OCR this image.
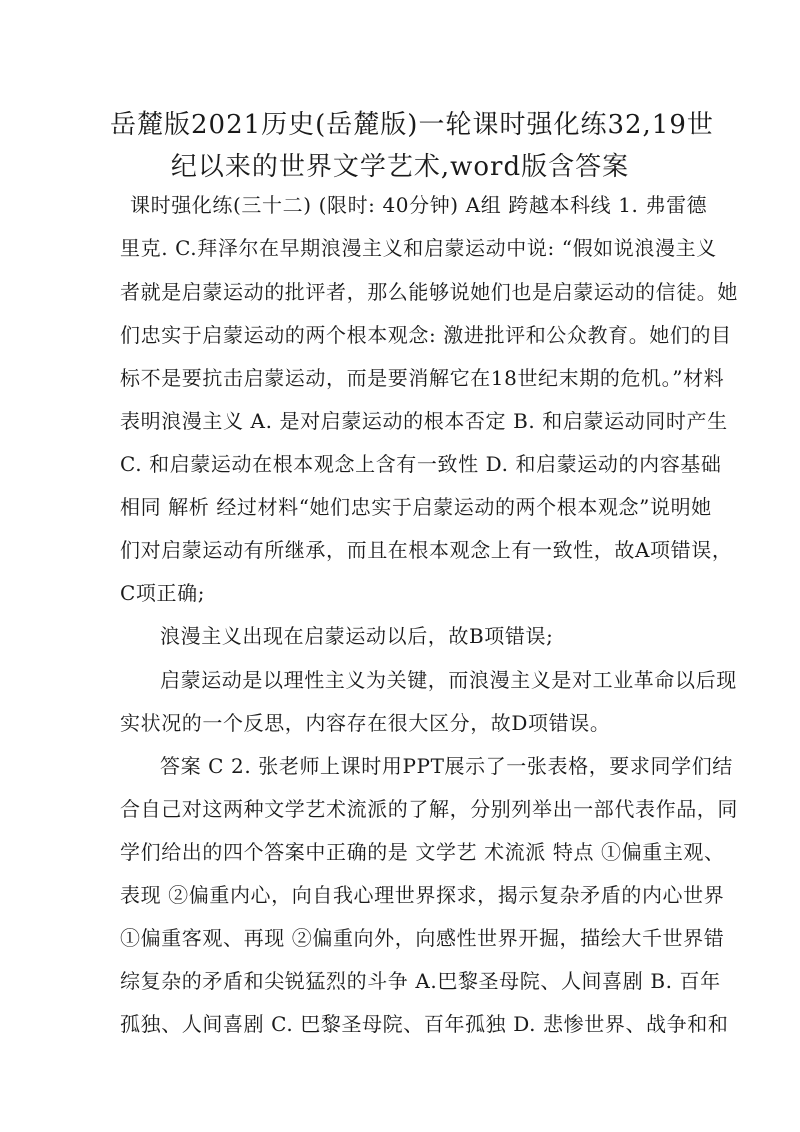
岳麓版2021历史(岳麓版)一轮课时强化练32,19世
纪以来的世界文学艺术,word版含答案
课时强化练(三十二) (限时: 40分钟) A组 跨越本科线 1. 弗雷德
里克. C.拜泽尔在早期浪漫主义和启蒙运动中说: “假如说浪漫主义
者就是启蒙运动的批评者，那么能够说她们也是启蒙运动的信徒。她
们忠实于启蒙运动的两个根本观念: 激进批评和公众教育。她们的目
标不是要抗击启蒙运动，而是要消解它在18世纪末期的危机。”材料
表明浪漫主义 A. 是对启蒙运动的根本否定 B. 和启蒙运动同时产生
C. 和启蒙运动在根本观念上含有一致性 D. 和启蒙运动的内容基础
相同 解析 经过材料“她们忠实于启蒙运动的两个根本观念”说明她
们对启蒙运动有所继承，而且在根本观念上有一致性，故A项错误，
C项正确;
浪漫主义出现在启蒙运动以后，故B项错误;
启蒙运动是以理性主义为关键，而浪漫主义是对工业革命以后现
实状况的一个反思，内容存在很大区分，故D项错误。
答案 C 2. 张老师上课时用PPT展示了一张表格，要求同学们结
合自己对这两种文学艺术流派的了解，分别列举出一部代表作品，同
学们给出的四个答案中正确的是 文学艺 术流派 特点 ①偏重主观、
表现 ②偏重内心，向自我心理世界探求，揭示复杂矛盾的内心世界
①偏重客观、再现 ②偏重向外，向感性世界开掘，描绘大千世界错
综复杂的矛盾和尖锐猛烈的斗争 A.巴黎圣母院、人间喜剧 B. 百年
孤独、人间喜剧 C. 巴黎圣母院、百年孤独 D. 悲惨世界、战争和和
